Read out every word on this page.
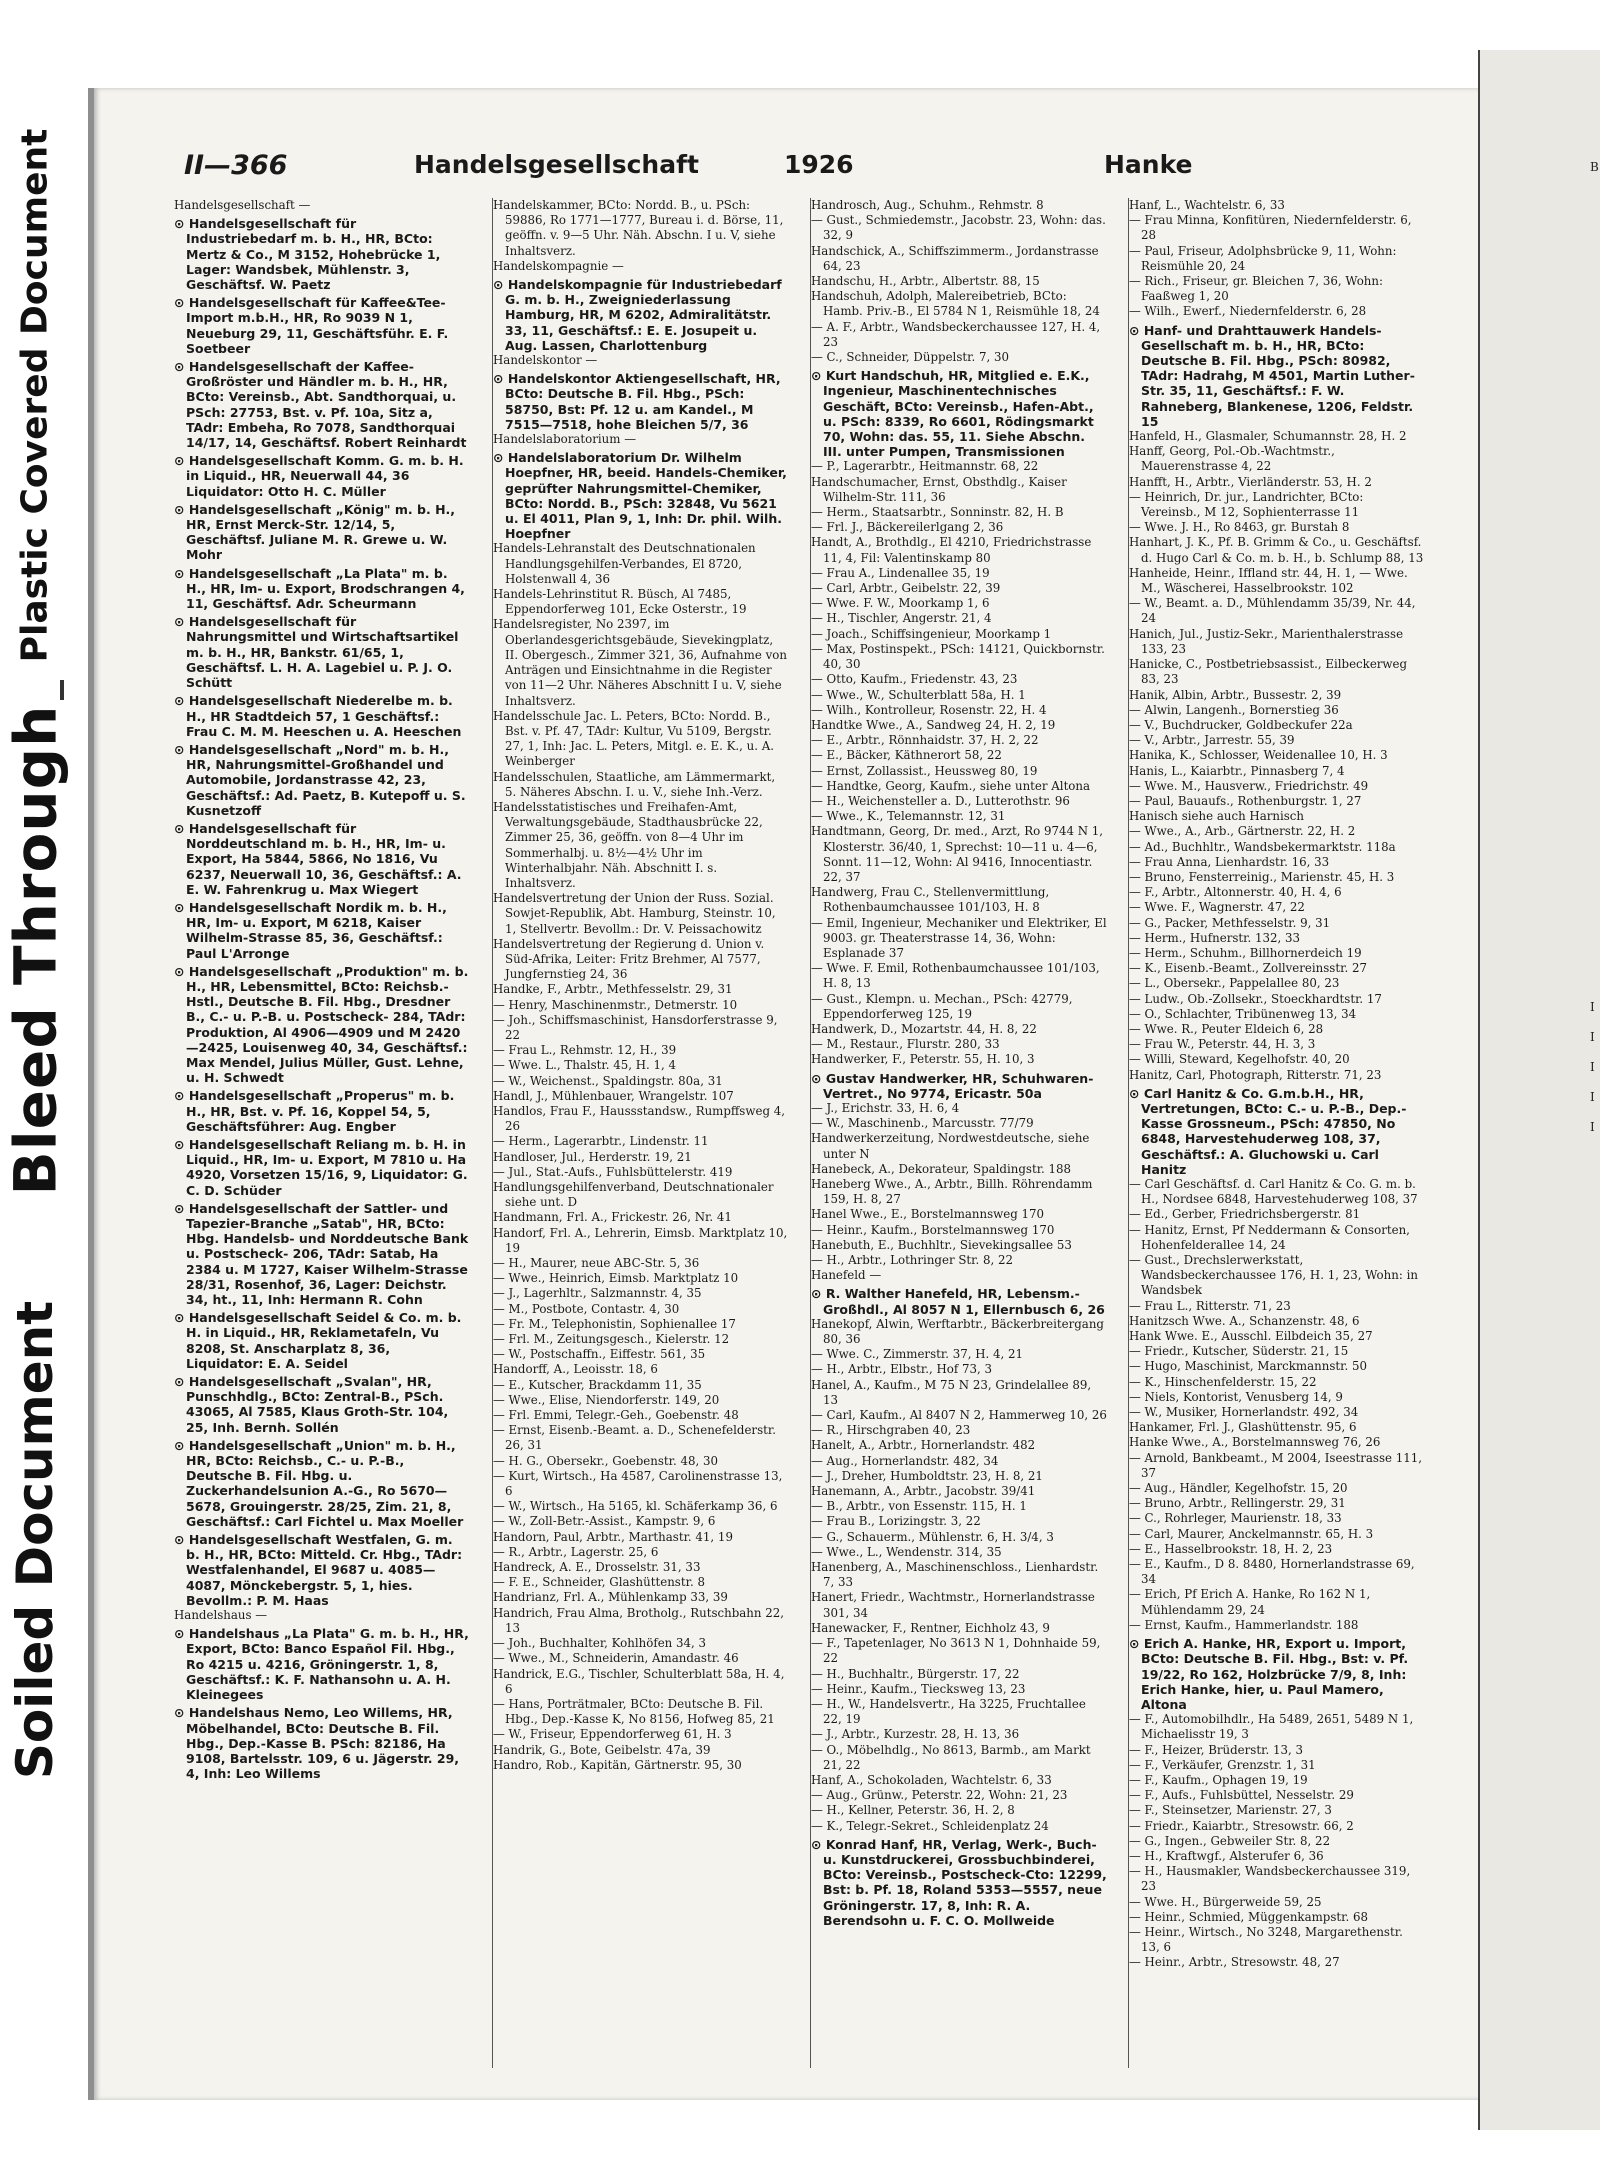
Plastic Covered Document
Bleed Through
Soiled Document
II—366	Handelsgesellschaft	1926	Hanke

Handelsgesellschaft —

⊙ Handelsgesellschaft für Industriebedarf m. b. H., HR, BCto: Mertz & Co., M 3152, Hohebrücke 1, Lager: Wandsbek, Mühlenstr. 3, Geschäftsf. W. Paetz

⊙ Handelsgesellschaft für Kaffee&Tee-Import m.b.H., HR, Ro 9039 N 1, Neueburg 29, 11, Geschäftsführ. E. F. Soetbeer

⊙ Handelsgesellschaft der Kaffee-Großröster und Händler m. b. H., HR, BCto: Vereinsb., Abt. Sandthorquai, u. PSch: 27753, Bst. v. Pf. 10a, Sitz a, TAdr: Embeha, Ro 7078, Sandthorquai 14/17, 14, Geschäftsf. Robert Reinhardt

⊙ Handelsgesellschaft Komm. G. m. b. H. in Liquid., HR, Neuerwall 44, 36 Liquidator: Otto H. C. Müller

⊙ Handelsgesellschaft „König" m. b. H., HR, Ernst Merck-Str. 12/14, 5, Geschäftsf. Juliane M. R. Grewe u. W. Mohr

⊙ Handelsgesellschaft „La Plata" m. b. H., HR, Im- u. Export, Brodschrangen 4, 11, Geschäftsf. Adr. Scheurmann

⊙ Handelsgesellschaft für Nahrungsmittel und Wirtschaftsartikel m. b. H., HR, Bankstr. 61/65, 1, Geschäftsf. L. H. A. Lagebiel u. P. J. O. Schütt

⊙ Handelsgesellschaft Niederelbe m. b. H., HR Stadtdeich 57, 1 Geschäftsf.: Frau C. M. M. Heeschen u. A. Heeschen

⊙ Handelsgesellschaft „Nord" m. b. H., HR, Nahrungsmittel-Großhandel und Automobile, Jordanstrasse 42, 23, Geschäftsf.: Ad. Paetz, B. Kutepoff u. S. Kusnetzoff

⊙ Handelsgesellschaft für Norddeutschland m. b. H., HR, Im- u. Export, Ha 5844, 5866, No 1816, Vu 6237, Neuerwall 10, 36, Geschäftsf.: A. E. W. Fahrenkrug u. Max Wiegert

⊙ Handelsgesellschaft Nordik m. b. H., HR, Im- u. Export, M 6218, Kaiser Wilhelm-Strasse 85, 36, Geschäftsf.: Paul L'Arronge

⊙ Handelsgesellschaft „Produktion" m. b. H., HR, Lebensmittel, BCto: Reichsb.-Hstl., Deutsche B. Fil. Hbg., Dresdner B., C.- u. P.-B. u. Postscheck- 284, TAdr: Produktion, Al 4906—4909 und M 2420—2425, Louisenweg 40, 34, Geschäftsf.: Max Mendel, Julius Müller, Gust. Lehne, u. H. Schwedt

⊙ Handelsgesellschaft „Properus" m. b. H., HR, Bst. v. Pf. 16, Koppel 54, 5, Geschäftsführer: Aug. Engber

⊙ Handelsgesellschaft Reliang m. b. H. in Liquid., HR, Im- u. Export, M 7810 u. Ha 4920, Vorsetzen 15/16, 9, Liquidator: G. C. D. Schüder

⊙ Handelsgesellschaft der Sattler- und Tapezier-Branche „Satab", HR, BCto: Hbg. Handelsb- und Norddeutsche Bank u. Postscheck- 206, TAdr: Satab, Ha 2384 u. M 1727, Kaiser Wilhelm-Strasse 28/31, Rosenhof, 36, Lager: Deichstr. 34, ht., 11, Inh: Hermann R. Cohn

⊙ Handelsgesellschaft Seidel & Co. m. b. H. in Liquid., HR, Reklametafeln, Vu 8208, St. Anscharplatz 8, 36, Liquidator: E. A. Seidel

⊙ Handelsgesellschaft „Svalan", HR, Punschhdlg., BCto: Zentral-B., PSch. 43065, Al 7585, Klaus Groth-Str. 104, 25, Inh. Bernh. Sollén

⊙ Handelsgesellschaft „Union" m. b. H., HR, BCto: Reichsb., C.- u. P.-B., Deutsche B. Fil. Hbg. u. Zuckerhandelsunion A.-G., Ro 5670—5678, Grouingerstr. 28/25, Zim. 21, 8, Geschäftsf.: Carl Fichtel u. Max Moeller

⊙ Handelsgesellschaft Westfalen, G. m. b. H., HR, BCto: Mitteld. Cr. Hbg., TAdr: Westfalenhandel, El 9687 u. 4085—4087, Mönckebergstr. 5, 1, hies. Bevollm.: P. M. Haas

Handelshaus —

⊙ Handelshaus „La Plata" G. m. b. H., HR, Export, BCto: Banco Español Fil. Hbg., Ro 4215 u. 4216, Gröningerstr. 1, 8, Geschäftsf.: K. F. Nathansohn u. A. H. Kleinegees

⊙ Handelshaus Nemo, Leo Willems, HR, Möbelhandel, BCto: Deutsche B. Fil. Hbg., Dep.-Kasse B. PSch: 82186, Ha 9108, Bartelsstr. 109, 6 u. Jägerstr. 29, 4, Inh: Leo Willems

Handelskammer, BCto: Nordd. B., u. PSch: 59886, Ro 1771—1777, Bureau i. d. Börse, 11, geöffn. v. 9—5 Uhr. Näh. Abschn. I u. V, siehe Inhaltsverz.

Handelskompagnie —

⊙ Handelskompagnie für Industriebedarf G. m. b. H., Zweigniederlassung Hamburg, HR, M 6202, Admiralitätstr. 33, 11, Geschäftsf.: E. E. Josupeit u. Aug. Lassen, Charlottenburg

Handelskontor —

⊙ Handelskontor Aktiengesellschaft, HR, BCto: Deutsche B. Fil. Hbg., PSch: 58750, Bst: Pf. 12 u. am Kandel., M 7515—7518, hohe Bleichen 5/7, 36

Handelslaboratorium —

⊙ Handelslaboratorium Dr. Wilhelm Hoepfner, HR, beeid. Handels-Chemiker, geprüfter Nahrungsmittel-Chemiker, BCto: Nordd. B., PSch: 32848, Vu 5621 u. El 4011, Plan 9, 1, Inh: Dr. phil. Wilh. Hoepfner

Handels-Lehranstalt des Deutschnationalen Handlungsgehilfen-Verbandes, El 8720, Holstenwall 4, 36

Handels-Lehrinstitut R. Büsch, Al 7485, Eppendorferweg 101, Ecke Osterstr., 19

Handelsregister, No 2397, im Oberlandesgerichtsgebäude, Sievekingplatz, II. Obergesch., Zimmer 321, 36, Aufnahme von Anträgen und Einsichtnahme in die Register von 11—2 Uhr. Näheres Abschnitt I u. V, siehe Inhaltsverz.

Handelsschule Jac. L. Peters, BCto: Nordd. B., Bst. v. Pf. 47, TAdr: Kultur, Vu 5109, Bergstr. 27, 1, Inh: Jac. L. Peters, Mitgl. e. E. K., u. A. Weinberger

Handelsschulen, Staatliche, am Lämmermarkt, 5. Näheres Abschn. I. u. V., siehe Inh.-Verz.

Handelsstatistisches und Freihafen-Amt, Verwaltungsgebäude, Stadthausbrücke 22, Zimmer 25, 36, geöffn. von 8—4 Uhr im Sommerhalbj. u. 8½—4½ Uhr im Winterhalbjahr. Näh. Abschnitt I. s. Inhaltsverz.

Handelsvertretung der Union der Russ. Sozial. Sowjet-Republik, Abt. Hamburg, Steinstr. 10, 1, Stellvertr. Bevollm.: Dr. V. Peissachowitz

Handelsvertretung der Regierung d. Union v. Süd-Afrika, Leiter: Fritz Brehmer, Al 7577, Jungfernstieg 24, 36

Handke, F., Arbtr., Methfesselstr. 29, 31

— Henry, Maschinenmstr., Detmerstr. 10

— Joh., Schiffsmaschinist, Hansdorferstrasse 9, 22

— Frau L., Rehmstr. 12, H., 39

— Wwe. L., Thalstr. 45, H. 1, 4

— W., Weichenst., Spaldingstr. 80a, 31

Handl, J., Mühlenbauer, Wrangelstr. 107

Handlos, Frau F., Haussstandsw., Rumpffsweg 4, 26

— Herm., Lagerarbtr., Lindenstr. 11

Handloser, Jul., Herderstr. 19, 21

— Jul., Stat.-Aufs., Fuhlsbüttelerstr. 419

Handlungsgehilfenverband, Deutschnationaler siehe unt. D

Handmann, Frl. A., Frickestr. 26, Nr. 41

Handorf, Frl. A., Lehrerin, Eimsb. Marktplatz 10, 19

— H., Maurer, neue ABC-Str. 5, 36

— Wwe., Heinrich, Eimsb. Marktplatz 10

— J., Lagerhltr., Salzmannstr. 4, 35

— M., Postbote, Contastr. 4, 30

— Fr. M., Telephonistin, Sophienallee 17

— Frl. M., Zeitungsgesch., Kielerstr. 12

— W., Postschaffn., Eiffestr. 561, 35

Handorff, A., Leoisstr. 18, 6

— E., Kutscher, Brackdamm 11, 35

— Wwe., Elise, Niendorferstr. 149, 20

— Frl. Emmi, Telegr.-Geh., Goebenstr. 48

— Ernst, Eisenb.-Beamt. a. D., Schenefelderstr. 26, 31

— H. G., Obersekr., Goebenstr. 48, 30

— Kurt, Wirtsch., Ha 4587, Carolinenstrasse 13, 6

— W., Wirtsch., Ha 5165, kl. Schäferkamp 36, 6

— W., Zoll-Betr.-Assist., Kampstr. 9, 6

Handorn, Paul, Arbtr., Marthastr. 41, 19

— R., Arbtr., Lagerstr. 25, 6

Handreck, A. E., Drosselstr. 31, 33

— F. E., Schneider, Glashüttenstr. 8

Handrianz, Frl. A., Mühlenkamp 33, 39

Handrich, Frau Alma, Brotholg., Rutschbahn 22, 13

— Joh., Buchhalter, Kohlhöfen 34, 3

— Wwe., M., Schneiderin, Amandastr. 46

Handrick, E.G., Tischler, Schulterblatt 58a, H. 4, 6

— Hans, Porträtmaler, BCto: Deutsche B. Fil. Hbg., Dep.-Kasse K, No 8156, Hofweg 85, 21

— W., Friseur, Eppendorferweg 61, H. 3

Handrik, G., Bote, Geibelstr. 47a, 39

Handro, Rob., Kapitän, Gärtnerstr. 95, 30

Handrosch, Aug., Schuhm., Rehmstr. 8

— Gust., Schmiedemstr., Jacobstr. 23, Wohn: das. 32, 9

Handschick, A., Schiffszimmerm., Jordanstrasse 64, 23

Handschu, H., Arbtr., Albertstr. 88, 15

Handschuh, Adolph, Malereibetrieb, BCto: Hamb. Priv.-B., El 5784 N 1, Reismühle 18, 24

— A. F., Arbtr., Wandsbeckerchaussee 127, H. 4, 23

— C., Schneider, Düppelstr. 7, 30

⊙ Kurt Handschuh, HR, Mitglied e. E.K., Ingenieur, Maschinentechnisches Geschäft, BCto: Vereinsb., Hafen-Abt., u. PSch: 8339, Ro 6601, Rödingsmarkt 70, Wohn: das. 55, 11. Siehe Abschn. III. unter Pumpen, Transmissionen

— P., Lagerarbtr., Heitmannstr. 68, 22

Handschumacher, Ernst, Obsthdlg., Kaiser Wilhelm-Str. 111, 36

— Herm., Staatsarbtr., Sonninstr. 82, H. B

— Frl. J., Bäckereilerlgang 2, 36

Handt, A., Brothdlg., El 4210, Friedrichstrasse 11, 4, Fil: Valentinskamp 80

— Frau A., Lindenallee 35, 19

— Carl, Arbtr., Geibelstr. 22, 39

— Wwe. F. W., Moorkamp 1, 6

— H., Tischler, Angerstr. 21, 4

— Joach., Schiffsingenieur, Moorkamp 1

— Max, Postinspekt., PSch: 14121, Quickbornstr. 40, 30

— Otto, Kaufm., Friedenstr. 43, 23

— Wwe., W., Schulterblatt 58a, H. 1

— Wilh., Kontrolleur, Rosenstr. 22, H. 4

Handtke Wwe., A., Sandweg 24, H. 2, 19

— E., Arbtr., Rönnhaidstr. 37, H. 2, 22

— E., Bäcker, Käthnerort 58, 22

— Ernst, Zollassist., Heussweg 80, 19

— Handtke, Georg, Kaufm., siehe unter Altona

— H., Weichensteller a. D., Lutterothstr. 96

— Wwe., K., Telemannstr. 12, 31

Handtmann, Georg, Dr. med., Arzt, Ro 9744 N 1, Klosterstr. 36/40, 1, Sprechst: 10—11 u. 4—6, Sonnt. 11—12, Wohn: Al 9416, Innocentiastr. 22, 37

Handwerg, Frau C., Stellenvermittlung, Rothenbaumchaussee 101/103, H. 8

— Emil, Ingenieur, Mechaniker und Elektriker, El 9003. gr. Theaterstrasse 14, 36, Wohn: Esplanade 37

— Wwe. F. Emil, Rothenbaumchaussee 101/103, H. 8, 13

— Gust., Klempn. u. Mechan., PSch: 42779, Eppendorferweg 125, 19

Handwerk, D., Mozartstr. 44, H. 8, 22

— M., Restaur., Flurstr. 280, 33

Handwerker, F., Peterstr. 55, H. 10, 3

⊙ Gustav Handwerker, HR, Schuhwaren-Vertret., No 9774, Ericastr. 50a

— J., Erichstr. 33, H. 6, 4

— W., Maschinenb., Marcusstr. 77/79

Handwerkerzeitung, Nordwestdeutsche, siehe unter N

Hanebeck, A., Dekorateur, Spaldingstr. 188

Haneberg Wwe., A., Arbtr., Billh. Röhrendamm 159, H. 8, 27

Hanel Wwe., E., Borstelmannsweg 170

— Heinr., Kaufm., Borstelmannsweg 170

Hanebuth, E., Buchhltr., Sievekingsallee 53

— H., Arbtr., Lothringer Str. 8, 22

Hanefeld —

⊙ R. Walther Hanefeld, HR, Lebensm.-Großhdl., Al 8057 N 1, Ellernbusch 6, 26

Hanekopf, Alwin, Werftarbtr., Bäckerbreitergang 80, 36

— Wwe. C., Zimmerstr. 37, H. 4, 21

— H., Arbtr., Elbstr., Hof 73, 3

Hanel, A., Kaufm., M 75 N 23, Grindelallee 89, 13

— Carl, Kaufm., Al 8407 N 2, Hammerweg 10, 26

— R., Hirschgraben 40, 23

Hanelt, A., Arbtr., Hornerlandstr. 482

— Aug., Hornerlandstr. 482, 34

— J., Dreher, Humboldtstr. 23, H. 8, 21

Hanemann, A., Arbtr., Jacobstr. 39/41

— B., Arbtr., von Essenstr. 115, H. 1

— Frau B., Lorizingstr. 3, 22

— G., Schauerm., Mühlenstr. 6, H. 3/4, 3

— Wwe., L., Wendenstr. 314, 35

Hanenberg, A., Maschinenschloss., Lienhardstr. 7, 33

Hanert, Friedr., Wachtmstr., Hornerlandstrasse 301, 34

Hanewacker, F., Rentner, Eichholz 43, 9

— F., Tapetenlager, No 3613 N 1, Dohnhaide 59, 22

— H., Buchhaltr., Bürgerstr. 17, 22

— Heinr., Kaufm., Tiecksweg 13, 23

— H., W., Handelsvertr., Ha 3225, Fruchtallee 22, 19

— J., Arbtr., Kurzestr. 28, H. 13, 36

— O., Möbelhdlg., No 8613, Barmb., am Markt 21, 22

Hanf, A., Schokoladen, Wachtelstr. 6, 33

— Aug., Grünw., Peterstr. 22, Wohn: 21, 23

— H., Kellner, Peterstr. 36, H. 2, 8

— K., Telegr.-Sekret., Schleidenplatz 24

⊙ Konrad Hanf, HR, Verlag, Werk-, Buch- u. Kunstdruckerei, Grossbuchbinderei, BCto: Vereinsb., Postscheck-Cto: 12299, Bst: b. Pf. 18, Roland 5353—5557, neue Gröningerstr. 17, 8, Inh: R. A. Berendsohn u. F. C. O. Mollweide

Hanf, L., Wachtelstr. 6, 33

— Frau Minna, Konfitüren, Niedernfelderstr. 6, 28

— Paul, Friseur, Adolphsbrücke 9, 11, Wohn: Reismühle 20, 24

— Rich., Friseur, gr. Bleichen 7, 36, Wohn: Faaßweg 1, 20

— Wilh., Ewerf., Niedernfelderstr. 6, 28

⊙ Hanf- und Drahttauwerk Handels-Gesellschaft m. b. H., HR, BCto: Deutsche B. Fil. Hbg., PSch: 80982, TAdr: Hadrahg, M 4501, Martin Luther-Str. 35, 11, Geschäftsf.: F. W. Rahneberg, Blankenese, 1206, Feldstr. 15

Hanfeld, H., Glasmaler, Schumannstr. 28, H. 2

Hanff, Georg, Pol.-Ob.-Wachtmstr., Mauerenstrasse 4, 22

Hanfft, H., Arbtr., Vierländerstr. 53, H. 2

— Heinrich, Dr. jur., Landrichter, BCto: Vereinsb., M 12, Sophienterrasse 11

— Wwe. J. H., Ro 8463, gr. Burstah 8

Hanhart, J. K., Pf. B. Grimm & Co., u. Geschäftsf. d. Hugo Carl & Co. m. b. H., b. Schlump 88, 13

Hanheide, Heinr., Iffland str. 44, H. 1, — Wwe. M., Wäscherei, Hasselbrookstr. 102

— W., Beamt. a. D., Mühlendamm 35/39, Nr. 44, 24

Hanich, Jul., Justiz-Sekr., Marienthalerstrasse 133, 23

Hanicke, C., Postbetriebsassist., Eilbeckerweg 83, 23

Hanik, Albin, Arbtr., Bussestr. 2, 39

— Alwin, Langenh., Bornerstieg 36

— V., Buchdrucker, Goldbeckufer 22a

— V., Arbtr., Jarrestr. 55, 39

Hanika, K., Schlosser, Weidenallee 10, H. 3

Hanis, L., Kaiarbtr., Pinnasberg 7, 4

— Wwe. M., Hausverw., Friedrichstr. 49

— Paul, Bauaufs., Rothenburgstr. 1, 27

Hanisch siehe auch Harnisch

— Wwe., A., Arb., Gärtnerstr. 22, H. 2

— Ad., Buchhltr., Wandsbekermarktstr. 118a

— Frau Anna, Lienhardstr. 16, 33

— Bruno, Fensterreinig., Marienstr. 45, H. 3

— F., Arbtr., Altonnerstr. 40, H. 4, 6

— Wwe. F., Wagnerstr. 47, 22

— G., Packer, Methfesselstr. 9, 31

— Herm., Hufnerstr. 132, 33

— Herm., Schuhm., Billhornerdeich 19

— K., Eisenb.-Beamt., Zollvereinsstr. 27

— L., Obersekr., Pappelallee 80, 23

— Ludw., Ob.-Zollsekr., Stoeckhardtstr. 17

— O., Schlachter, Tribünenweg 13, 34

— Wwe. R., Peuter Eldeich 6, 28

— Frau W., Peterstr. 44, H. 3, 3

— Willi, Steward, Kegelhofstr. 40, 20

Hanitz, Carl, Photograph, Ritterstr. 71, 23

⊙ Carl Hanitz & Co. G.m.b.H., HR, Vertretungen, BCto: C.- u. P.-B., Dep.-Kasse Grossneum., PSch: 47850, No 6848, Harvestehuderweg 108, 37, Geschäftsf.: A. Gluchowski u. Carl Hanitz

— Carl Geschäftsf. d. Carl Hanitz & Co. G. m. b. H., Nordsee 6848, Harvestehuderweg 108, 37

— Ed., Gerber, Friedrichsbergerstr. 81

— Hanitz, Ernst, Pf Neddermann & Consorten, Hohenfelderallee 14, 24

— Gust., Drechslerwerkstatt, Wandsbeckerchaussee 176, H. 1, 23, Wohn: in Wandsbek

— Frau L., Ritterstr. 71, 23

Hanitzsch Wwe. A., Schanzenstr. 48, 6

Hank Wwe. E., Ausschl. Eilbdeich 35, 27

— Friedr., Kutscher, Süderstr. 21, 15

— Hugo, Maschinist, Marckmannstr. 50

— K., Hinschenfelderstr. 15, 22

— Niels, Kontorist, Venusberg 14, 9

— W., Musiker, Hornerlandstr. 492, 34

Hankamer, Frl. J., Glashüttenstr. 95, 6

Hanke Wwe., A., Borstelmannsweg 76, 26

— Arnold, Bankbeamt., M 2004, Iseestrasse 111, 37

— Aug., Händler, Kegelhofstr. 15, 20

— Bruno, Arbtr., Rellingerstr. 29, 31

— C., Rohrleger, Maurienstr. 18, 33

— Carl, Maurer, Anckelmannstr. 65, H. 3

— E., Hasselbrookstr. 18, H. 2, 23

— E., Kaufm., D 8. 8480, Hornerlandstrasse 69, 34

— Erich, Pf Erich A. Hanke, Ro 162 N 1, Mühlendamm 29, 24

— Ernst, Kaufm., Hammerlandstr. 188

⊙ Erich A. Hanke, HR, Export u. Import, BCto: Deutsche B. Fil. Hbg., Bst: v. Pf. 19/22, Ro 162, Holzbrücke 7/9, 8, Inh: Erich Hanke, hier, u. Paul Mamero, Altona

— F., Automobilhdlr., Ha 5489, 2651, 5489 N 1, Michaelisstr 19, 3

— F., Heizer, Brüderstr. 13, 3

— F., Verkäufer, Grenzstr. 1, 31

— F., Kaufm., Ophagen 19, 19

— F., Aufs., Fuhlsbüttel, Nesselstr. 29

— F., Steinsetzer, Marienstr. 27, 3

— Friedr., Kaiarbtr., Stresowstr. 66, 2

— G., Ingen., Gebweiler Str. 8, 22

— H., Kraftwgf., Alsterufer 6, 36

— H., Hausmakler, Wandsbeckerchaussee 319, 23

— Wwe. H., Bürgerweide 59, 25

— Heinr., Schmied, Müggenkampstr. 68

— Heinr., Wirtsch., No 3248, Margarethenstr. 13, 6

— Heinr., Arbtr., Stresowstr. 48, 27

B
I
I
I
I
I
